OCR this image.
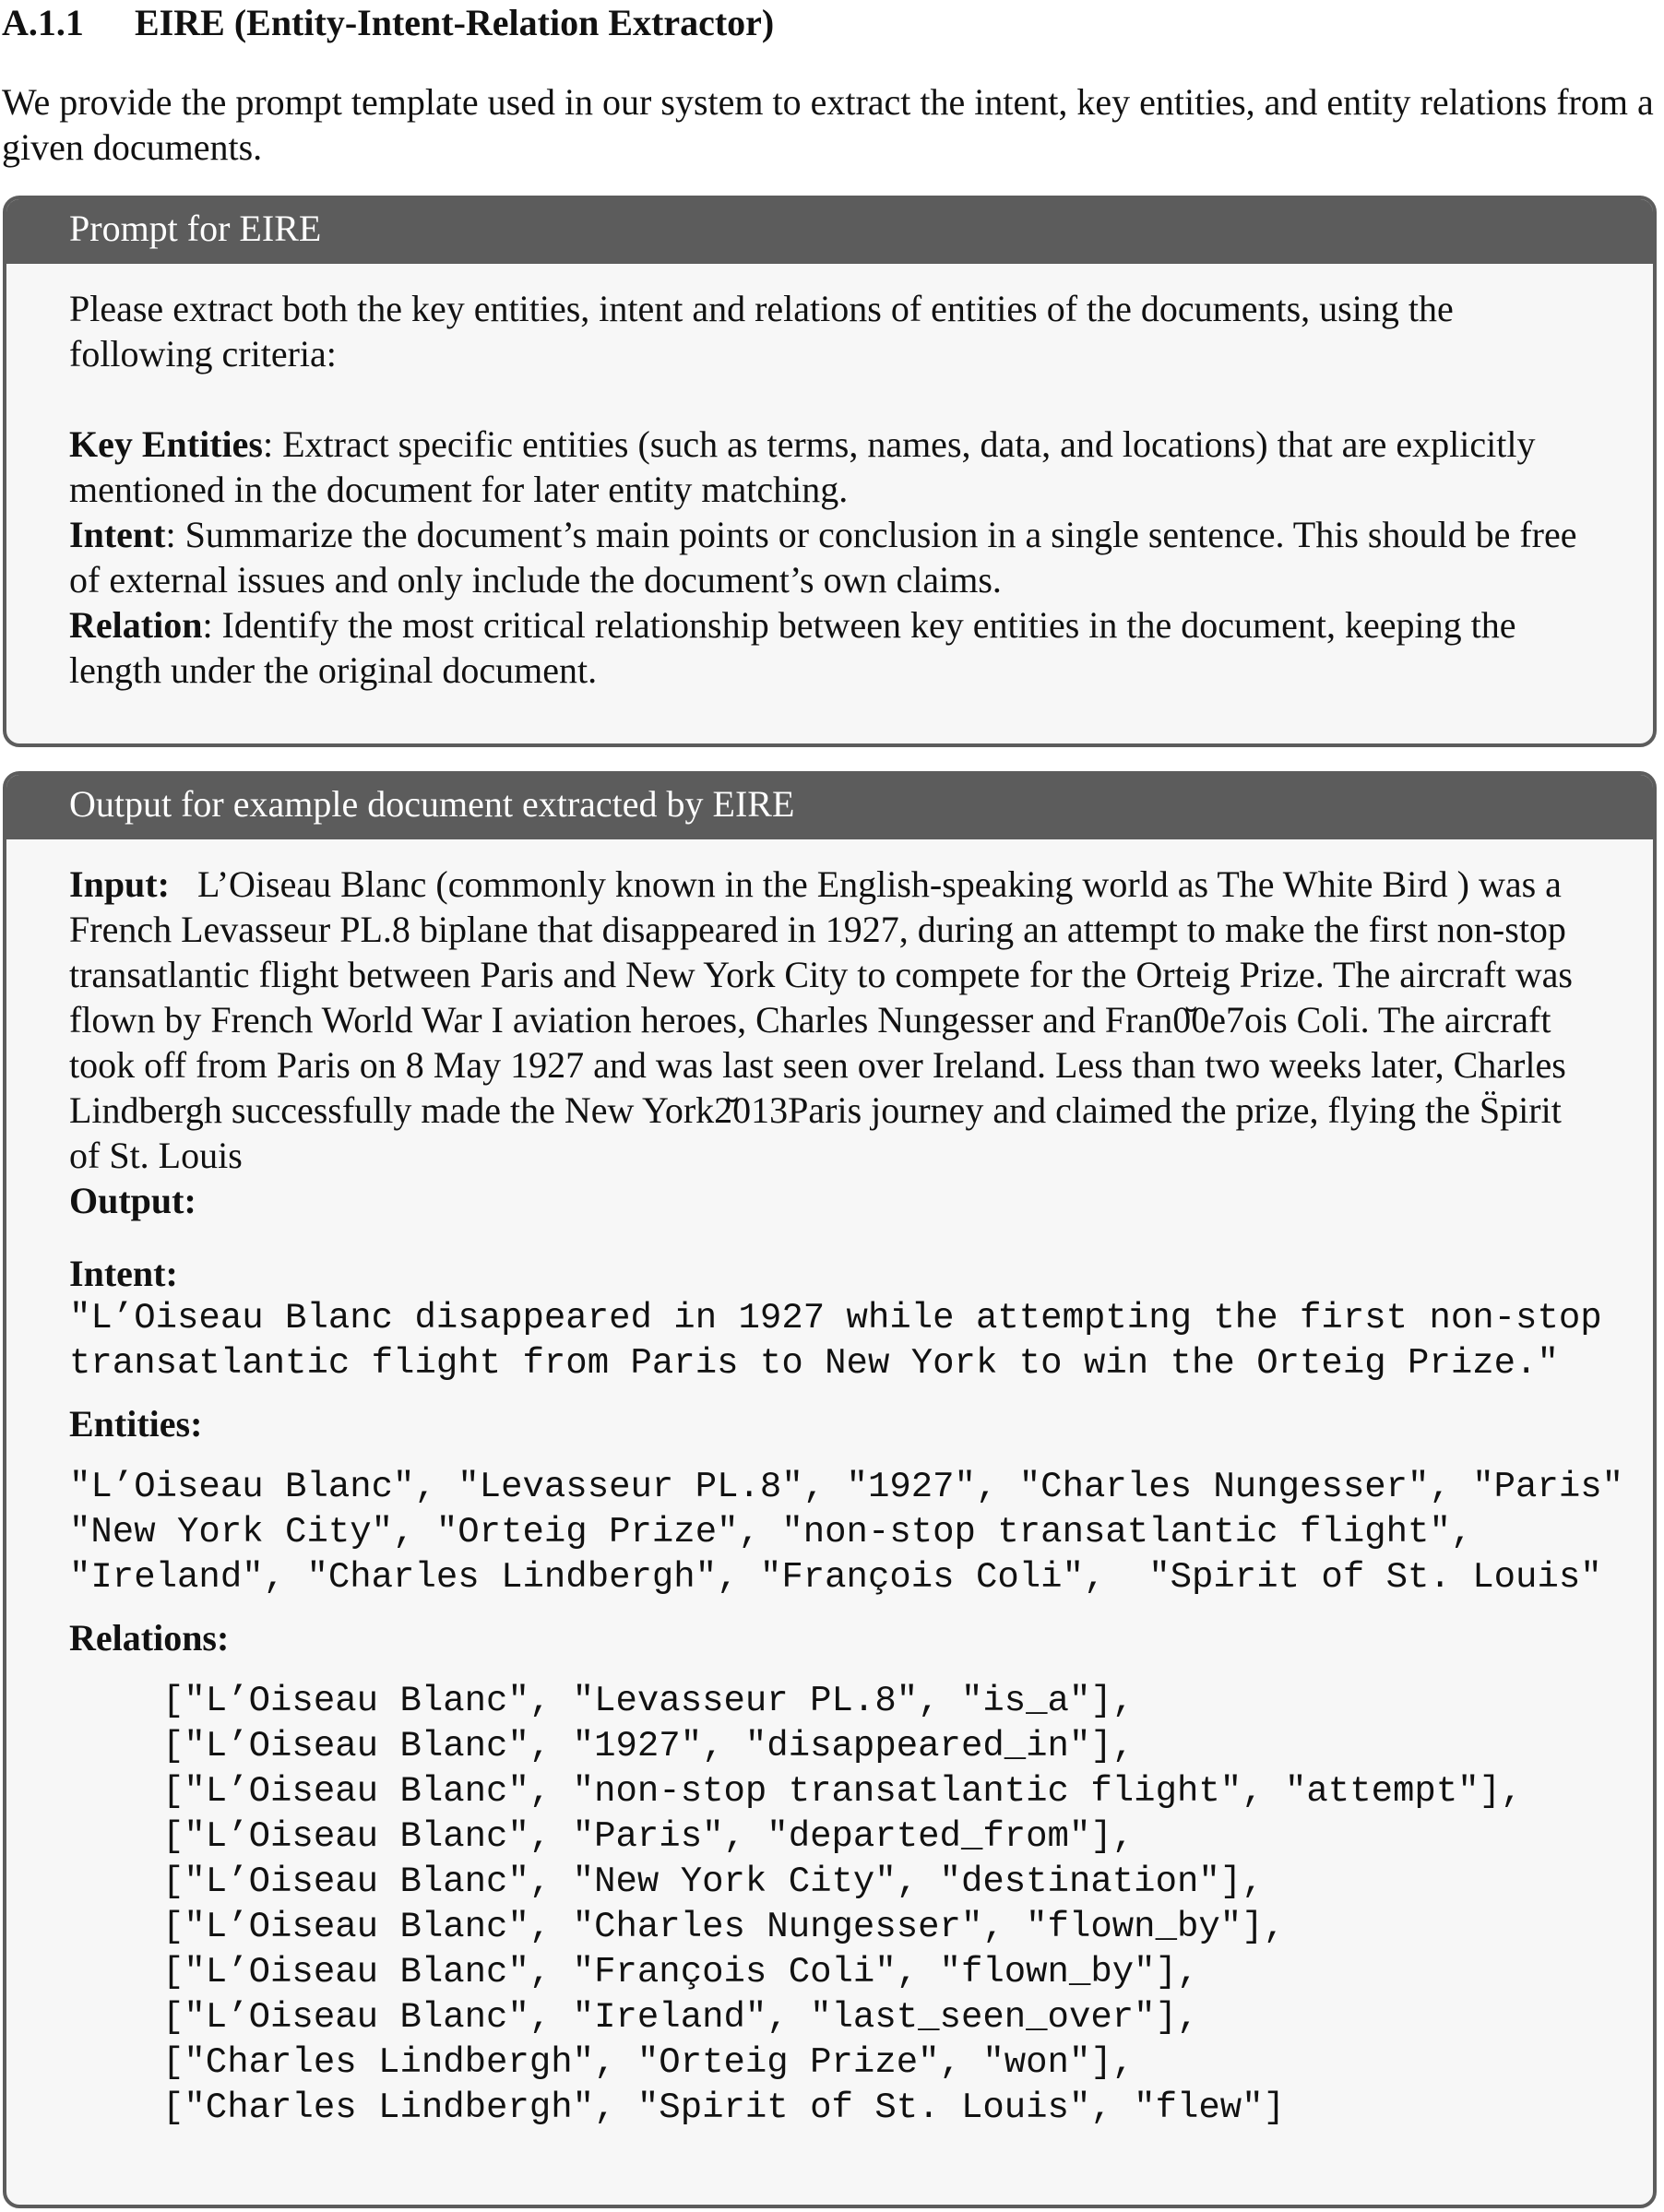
A.1.1 EIRE (Entity-Intent-Relation Extractor)
We provide the prompt template used in our system to extract the intent, key entities, and entity relations from a given documents.
Prompt for EIRE
Please extract both the key entities, intent and relations of entities of the documents, using the following criteria:
Key Entities: Extract specific entities (such as terms, names, data, and locations) that are explicitly mentioned in the document for later entity matching.
Intent: Summarize the document’s main points or conclusion in a single sentence. This should be free of external issues and only include the document’s own claims.
Relation: Identify the most critical relationship between key entities in the document, keeping the length under the original document.
Output for example document extracted by EIRE
Input: L’Oiseau Blanc (commonly known in the English-speaking world as The White Bird ) was a French Levasseur PL.8 biplane that disappeared in 1927, during an attempt to make the first non-stop transatlantic flight between Paris and New York City to compete for the Orteig Prize. The aircraft was flown by French World War I aviation heroes, Charles Nungesser and Fran0̆0e7ois Coli. The aircraft took off from Paris on 8 May 1927 and was last seen over Ireland. Less than two weeks later, Charles Lindbergh successfully made the New York2̆013Paris journey and claimed the prize, flying the S̈pirit of St. Louis
Output:
Intent:
"L’Oiseau Blanc disappeared in 1927 while attempting the first non-stop
transatlantic flight from Paris to New York to win the Orteig Prize."
Entities:
"L’Oiseau Blanc", "Levasseur PL.8", "1927", "Charles Nungesser", "Paris"
"New York City", "Orteig Prize", "non-stop transatlantic flight",
"Ireland", "Charles Lindbergh", "François Coli",  "Spirit of St. Louis"
Relations:
["L’Oiseau Blanc", "Levasseur PL.8", "is_a"],
["L’Oiseau Blanc", "1927", "disappeared_in"],
["L’Oiseau Blanc", "non-stop transatlantic flight", "attempt"],
["L’Oiseau Blanc", "Paris", "departed_from"],
["L’Oiseau Blanc", "New York City", "destination"],
["L’Oiseau Blanc", "Charles Nungesser", "flown_by"],
["L’Oiseau Blanc", "François Coli", "flown_by"],
["L’Oiseau Blanc", "Ireland", "last_seen_over"],
["Charles Lindbergh", "Orteig Prize", "won"],
["Charles Lindbergh", "Spirit of St. Louis", "flew"]
